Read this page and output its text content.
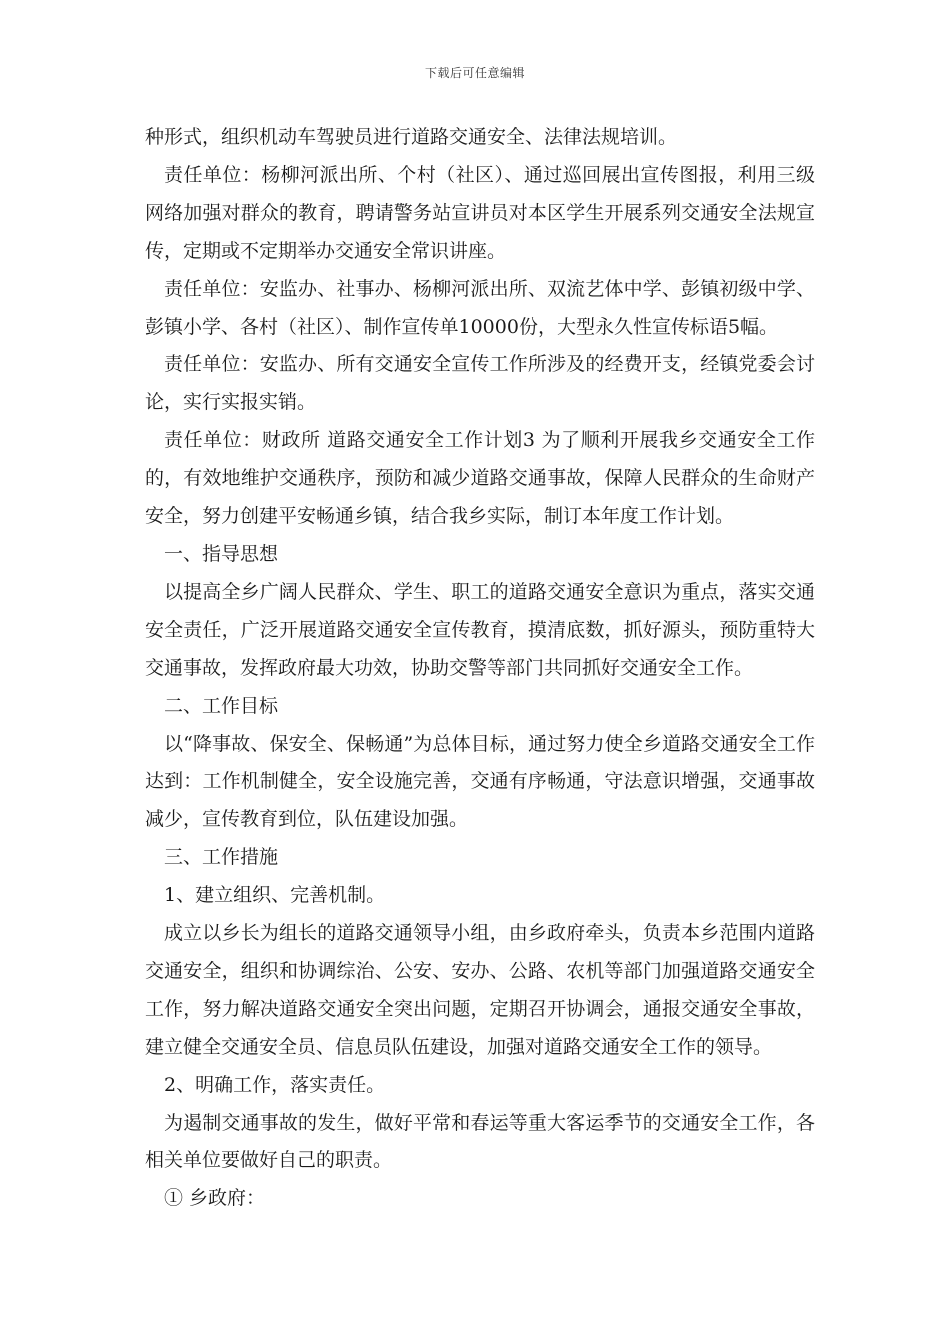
下载后可任意编辑

种形式，组织机动车驾驶员进行道路交通安全、法律法规培训。

责任单位：杨柳河派出所、个村（社区）、通过巡回展出宣传图报，利用三级网络加强对群众的教育，聘请警务站宣讲员对本区学生开展系列交通安全法规宣传，定期或不定期举办交通安全常识讲座。

责任单位：安监办、社事办、杨柳河派出所、双流艺体中学、彭镇初级中学、彭镇小学、各村（社区）、制作宣传单10000份，大型永久性宣传标语5幅。

责任单位：安监办、所有交通安全宣传工作所涉及的经费开支，经镇党委会讨论，实行实报实销。

责任单位：财政所 道路交通安全工作计划3 为了顺利开展我乡交通安全工作的，有效地维护交通秩序，预防和减少道路交通事故，保障人民群众的生命财产安全，努力创建平安畅通乡镇，结合我乡实际，制订本年度工作计划。

一、指导思想

以提高全乡广阔人民群众、学生、职工的道路交通安全意识为重点，落实交通安全责任，广泛开展道路交通安全宣传教育，摸清底数，抓好源头，预防重特大交通事故，发挥政府最大功效，协助交警等部门共同抓好交通安全工作。

二、工作目标

以“降事故、保安全、保畅通”为总体目标，通过努力使全乡道路交通安全工作达到：工作机制健全，安全设施完善，交通有序畅通，守法意识增强，交通事故减少，宣传教育到位，队伍建设加强。

三、工作措施

1、建立组织、完善机制。

成立以乡长为组长的道路交通领导小组，由乡政府牵头，负责本乡范围内道路交通安全，组织和协调综治、公安、安办、公路、农机等部门加强道路交通安全工作，努力解决道路交通安全突出问题，定期召开协调会，通报交通安全事故，建立健全交通安全员、信息员队伍建设，加强对道路交通安全工作的领导。

2、明确工作，落实责任。

为遏制交通事故的发生，做好平常和春运等重大客运季节的交通安全工作，各相关单位要做好自己的职责。

① 乡政府：
